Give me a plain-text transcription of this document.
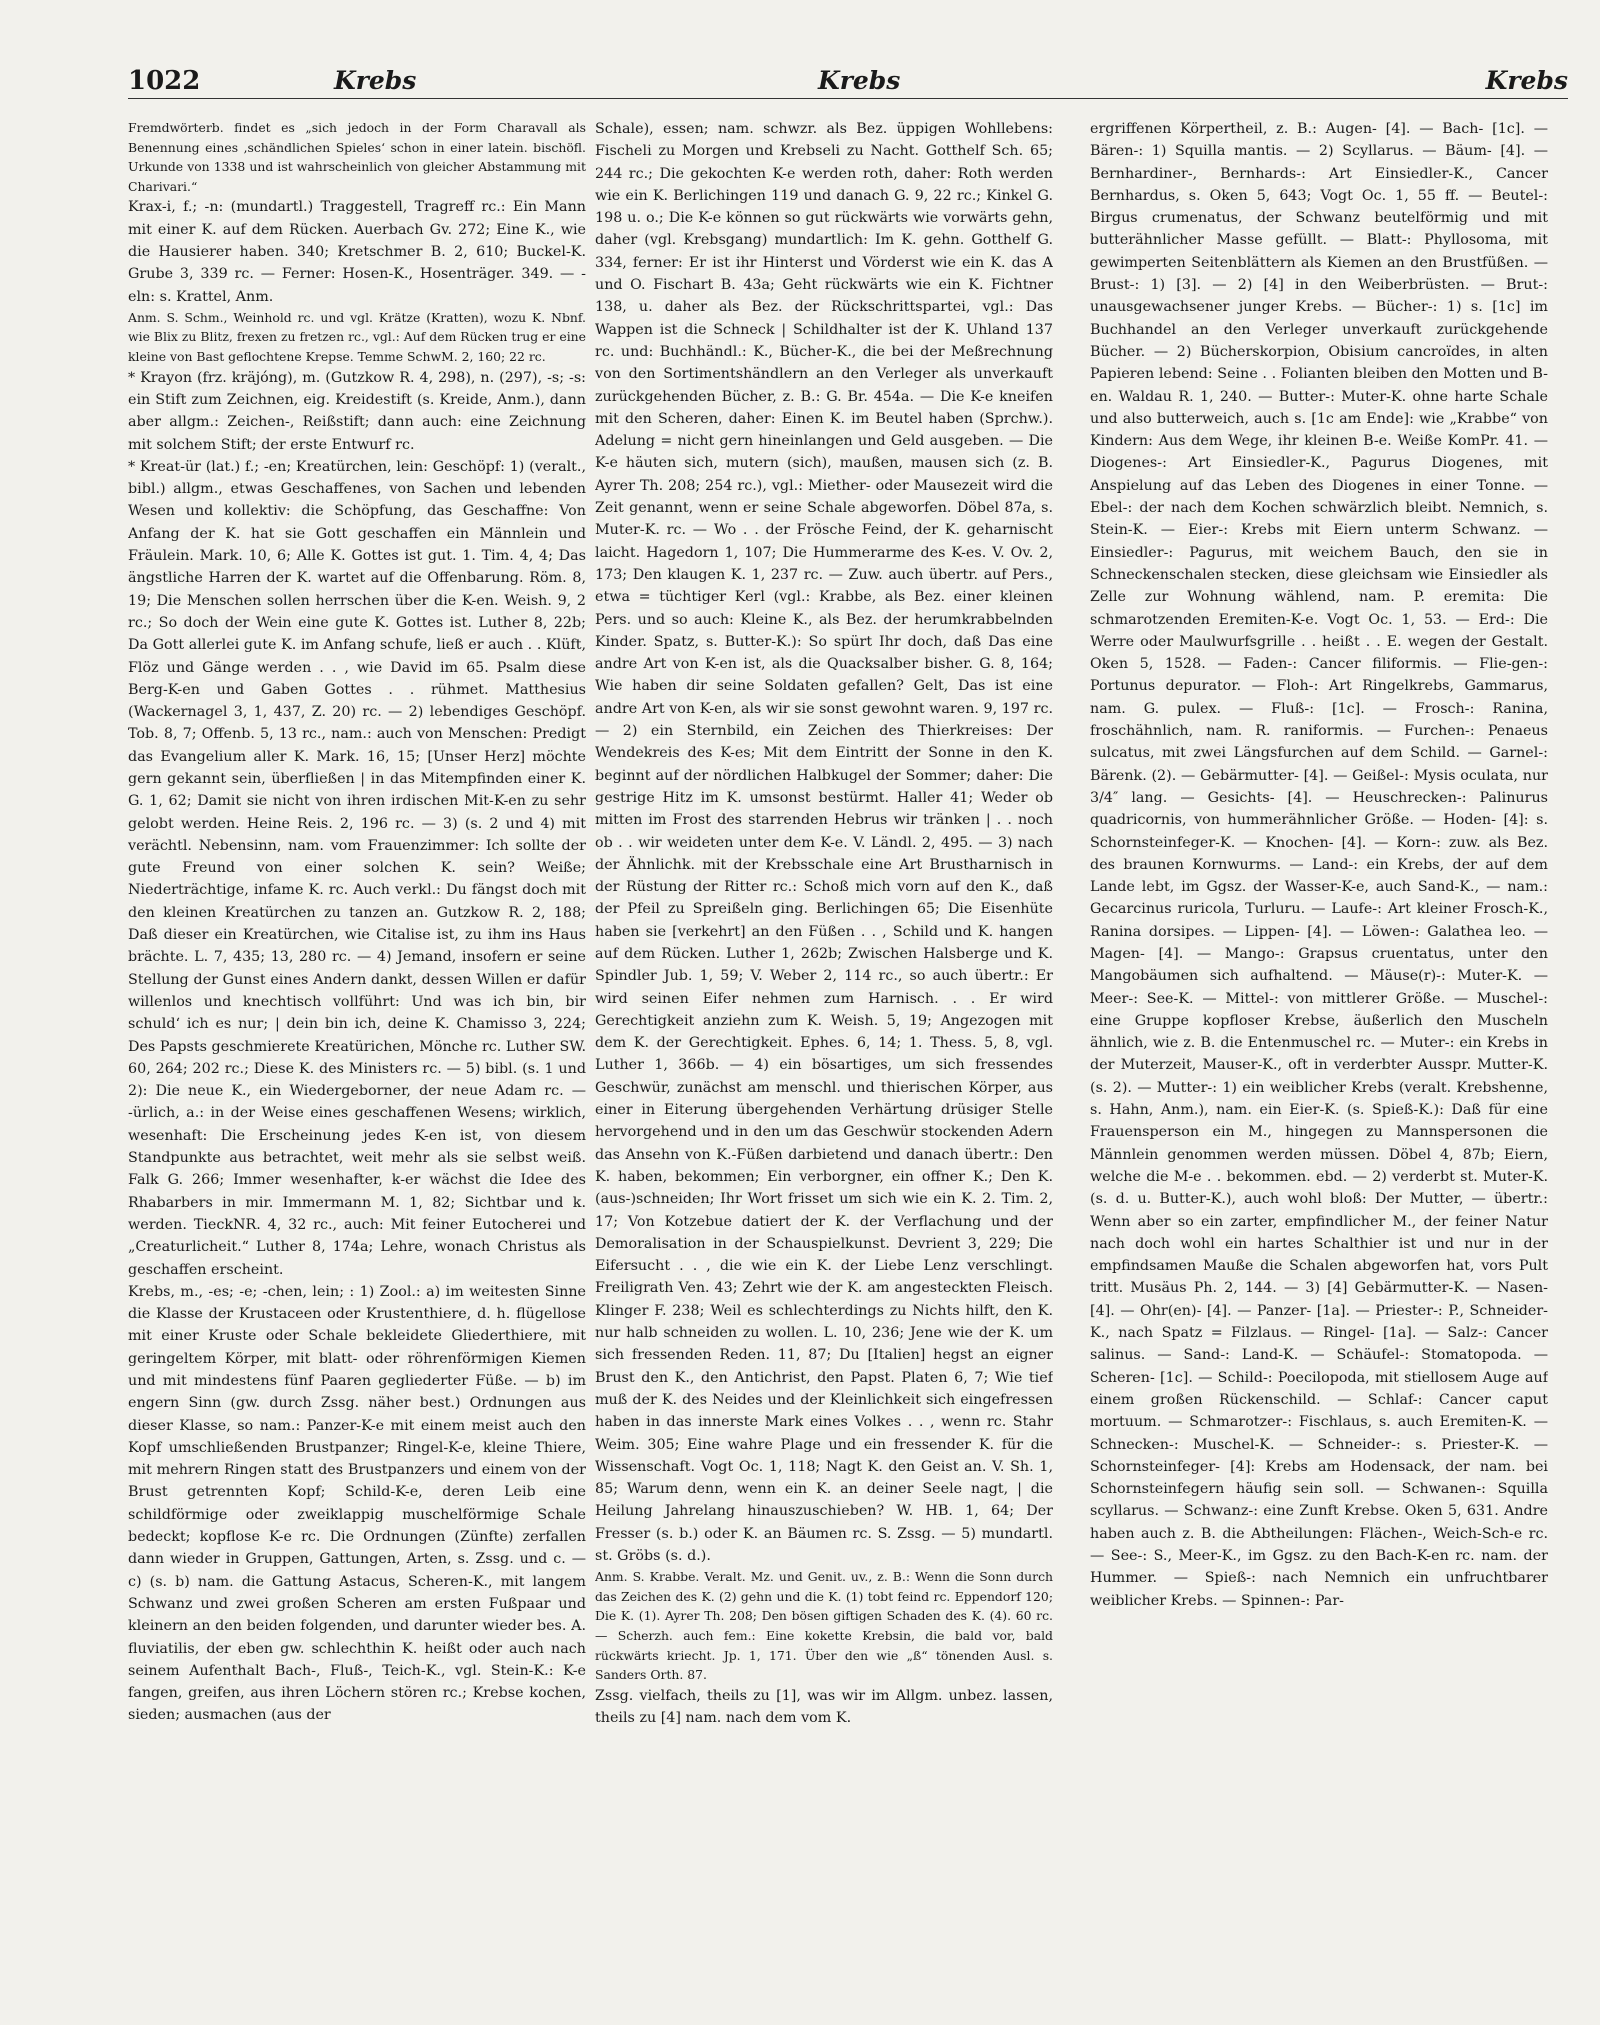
1022	Krebs	Krebs	Krebs

Fremdwörterb. findet es „sich jedoch in der Form Charavall als Benennung eines ‚schändlichen Spieles‘ schon in einer latein. bischöfl. Urkunde von 1338 und ist wahrscheinlich von gleicher Abstammung mit Charivari.“

Krax-i, f.; -n: (mundartl.) Traggestell, Tragreff rc.: Ein Mann mit einer K. auf dem Rücken. Auerbach Gv. 272; Eine K., wie die Hausierer haben. 340; Kretschmer B. 2, 610; Buckel-K. Grube 3, 339 rc. — Ferner: Hosen-K., Hosenträger. 349. — -eln: s. Krattel, Anm.

Anm. S. Schm., Weinhold rc. und vgl. Krätze (Kratten), wozu K. Nbnf. wie Blix zu Blitz, frexen zu fretzen rc., vgl.: Auf dem Rücken trug er eine kleine von Bast geflochtene Krepse. Temme SchwM. 2, 160; 22 rc.

* Krayon (frz. kräjóng), m. (Gutzkow R. 4, 298), n. (297), -s; -s: ein Stift zum Zeichnen, eig. Kreidestift (s. Kreide, Anm.), dann aber allgm.: Zeichen-, Reißstift; dann auch: eine Zeichnung mit solchem Stift; der erste Entwurf rc.

* Kreat-ür (lat.) f.; -en; Kreatürchen, lein: Geschöpf: 1) (veralt., bibl.) allgm., etwas Geschaffenes, von Sachen und lebenden Wesen und kollektiv: die Schöpfung, das Geschaffne: Von Anfang der K. hat sie Gott geschaffen ein Männlein und Fräulein. Mark. 10, 6; Alle K. Gottes ist gut. 1. Tim. 4, 4; Das ängstliche Harren der K. wartet auf die Offenbarung. Röm. 8, 19; Die Menschen sollen herrschen über die K-en. Weish. 9, 2 rc.; So doch der Wein eine gute K. Gottes ist. Luther 8, 22b; Da Gott allerlei gute K. im Anfang schufe, ließ er auch . . Klüft, Flöz und Gänge werden . . , wie David im 65. Psalm diese Berg-K-en und Gaben Gottes . . rühmet. Matthesius (Wackernagel 3, 1, 437, Z. 20) rc. — 2) lebendiges Geschöpf. Tob. 8, 7; Offenb. 5, 13 rc., nam.: auch von Menschen: Predigt das Evangelium aller K. Mark. 16, 15; [Unser Herz] möchte gern gekannt sein, überfließen | in das Mitempfinden einer K. G. 1, 62; Damit sie nicht von ihren irdischen Mit-K-en zu sehr gelobt werden. Heine Reis. 2, 196 rc. — 3) (s. 2 und 4) mit verächtl. Nebensinn, nam. vom Frauenzimmer: Ich sollte der gute Freund von einer solchen K. sein? Weiße; Niederträchtige, infame K. rc. Auch verkl.: Du fängst doch mit den kleinen Kreatürchen zu tanzen an. Gutzkow R. 2, 188; Daß dieser ein Kreatürchen, wie Citalise ist, zu ihm ins Haus brächte. L. 7, 435; 13, 280 rc. — 4) Jemand, insofern er seine Stellung der Gunst eines Andern dankt, dessen Willen er dafür willenlos und knechtisch vollführt: Und was ich bin, bir schuld‘ ich es nur; | dein bin ich, deine K. Chamisso 3, 224; Des Papsts geschmierete Kreatürichen, Mönche rc. Luther SW. 60, 264; 202 rc.; Diese K. des Ministers rc. — 5) bibl. (s. 1 und 2): Die neue K., ein Wiedergeborner, der neue Adam rc. — -ürlich, a.: in der Weise eines geschaffenen Wesens; wirklich, wesenhaft: Die Erscheinung jedes K-en ist, von diesem Standpunkte aus betrachtet, weit mehr als sie selbst weiß. Falk G. 266; Immer wesenhafter, k-er wächst die Idee des Rhabarbers in mir. Immermann M. 1, 82; Sichtbar und k. werden. TieckNR. 4, 32 rc., auch: Mit feiner Eutocherei und „Creaturlicheit.“ Luther 8, 174a; Lehre, wonach Christus als geschaffen erscheint.

Krebs, m., -es; -e; -chen, lein; : 1) Zool.: a) im weitesten Sinne die Klasse der Krustaceen oder Krustenthiere, d. h. flügellose mit einer Kruste oder Schale bekleidete Gliederthiere, mit geringeltem Körper, mit blatt- oder röhrenförmigen Kiemen und mit mindestens fünf Paaren gegliederter Füße. — b) im engern Sinn (gw. durch Zssg. näher best.) Ordnungen aus dieser Klasse, so nam.: Panzer-K-e mit einem meist auch den Kopf umschließenden Brustpanzer; Ringel-K-e, kleine Thiere, mit mehrern Ringen statt des Brustpanzers und einem von der Brust getrennten Kopf; Schild-K-e, deren Leib eine schildförmige oder zweiklappig muschelförmige Schale bedeckt; kopflose K-e rc. Die Ordnungen (Zünfte) zerfallen dann wieder in Gruppen, Gattungen, Arten, s. Zssg. und c. — c) (s. b) nam. die Gattung Astacus, Scheren-K., mit langem Schwanz und zwei großen Scheren am ersten Fußpaar und kleinern an den beiden folgenden, und darunter wieder bes. A. fluviatilis, der eben gw. schlechthin K. heißt oder auch nach seinem Aufenthalt Bach-, Fluß-, Teich-K., vgl. Stein-K.: K-e fangen, greifen, aus ihren Löchern stören rc.; Krebse kochen, sieden; ausmachen (aus der

Schale), essen; nam. schwzr. als Bez. üppigen Wohllebens: Fischeli zu Morgen und Krebseli zu Nacht. Gotthelf Sch. 65; 244 rc.; Die gekochten K-e werden roth, daher: Roth werden wie ein K. Berlichingen 119 und danach G. 9, 22 rc.; Kinkel G. 198 u. o.; Die K-e können so gut rückwärts wie vorwärts gehn, daher (vgl. Krebsgang) mundartlich: Im K. gehn. Gotthelf G. 334, ferner: Er ist ihr Hinterst und Vörderst wie ein K. das A und O. Fischart B. 43a; Geht rückwärts wie ein K. Fichtner 138, u. daher als Bez. der Rückschrittspartei, vgl.: Das Wappen ist die Schneck | Schildhalter ist der K. Uhland 137 rc. und: Buchhändl.: K., Bücher-K., die bei der Meßrechnung von den Sortimentshändlern an den Verleger als unverkauft zurückgehenden Bücher, z. B.: G. Br. 454a. — Die K-e kneifen mit den Scheren, daher: Einen K. im Beutel haben (Sprchw.). Adelung = nicht gern hineinlangen und Geld ausgeben. — Die K-e häuten sich, mutern (sich), maußen, mausen sich (z. B. Ayrer Th. 208; 254 rc.), vgl.: Miether- oder Mausezeit wird die Zeit genannt, wenn er seine Schale abgeworfen. Döbel 87a, s. Muter-K. rc. — Wo . . der Frösche Feind, der K. geharnischt laicht. Hagedorn 1, 107; Die Hummerarme des K-es. V. Ov. 2, 173; Den klaugen K. 1, 237 rc. — Zuw. auch übertr. auf Pers., etwa = tüchtiger Kerl (vgl.: Krabbe, als Bez. einer kleinen Pers. und so auch: Kleine K., als Bez. der herumkrabbelnden Kinder. Spatz, s. Butter-K.): So spürt Ihr doch, daß Das eine andre Art von K-en ist, als die Quacksalber bisher. G. 8, 164; Wie haben dir seine Soldaten gefallen? Gelt, Das ist eine andre Art von K-en, als wir sie sonst gewohnt waren. 9, 197 rc. — 2) ein Sternbild, ein Zeichen des Thierkreises: Der Wendekreis des K-es; Mit dem Eintritt der Sonne in den K. beginnt auf der nördlichen Halbkugel der Sommer; daher: Die gestrige Hitz im K. umsonst bestürmt. Haller 41; Weder ob mitten im Frost des starrenden Hebrus wir tränken | . . noch ob . . wir weideten unter dem K-e. V. Ländl. 2, 495. — 3) nach der Ähnlichk. mit der Krebsschale eine Art Brustharnisch in der Rüstung der Ritter rc.: Schoß mich vorn auf den K., daß der Pfeil zu Spreißeln ging. Berlichingen 65; Die Eisenhüte haben sie [verkehrt] an den Füßen . . , Schild und K. hangen auf dem Rücken. Luther 1, 262b; Zwischen Halsberge und K. Spindler Jub. 1, 59; V. Weber 2, 114 rc., so auch übertr.: Er wird seinen Eifer nehmen zum Harnisch. . . Er wird Gerechtigkeit anziehn zum K. Weish. 5, 19; Angezogen mit dem K. der Gerechtigkeit. Ephes. 6, 14; 1. Thess. 5, 8, vgl. Luther 1, 366b. — 4) ein bösartiges, um sich fressendes Geschwür, zunächst am menschl. und thierischen Körper, aus einer in Eiterung übergehenden Verhärtung drüsiger Stelle hervorgehend und in den um das Geschwür stockenden Adern das Ansehn von K.-Füßen darbietend und danach übertr.: Den K. haben, bekommen; Ein verborgner, ein offner K.; Den K. (aus-)schneiden; Ihr Wort frisset um sich wie ein K. 2. Tim. 2, 17; Von Kotzebue datiert der K. der Verflachung und der Demoralisation in der Schauspielkunst. Devrient 3, 229; Die Eifersucht . . , die wie ein K. der Liebe Lenz verschlingt. Freiligrath Ven. 43; Zehrt wie der K. am angesteckten Fleisch. Klinger F. 238; Weil es schlechterdings zu Nichts hilft, den K. nur halb schneiden zu wollen. L. 10, 236; Jene wie der K. um sich fressenden Reden. 11, 87; Du [Italien] hegst an eigner Brust den K., den Antichrist, den Papst. Platen 6, 7; Wie tief muß der K. des Neides und der Kleinlichkeit sich eingefressen haben in das innerste Mark eines Volkes . . , wenn rc. Stahr Weim. 305; Eine wahre Plage und ein fressender K. für die Wissenschaft. Vogt Oc. 1, 118; Nagt K. den Geist an. V. Sh. 1, 85; Warum denn, wenn ein K. an deiner Seele nagt, | die Heilung Jahrelang hinauszuschieben? W. HB. 1, 64; Der Fresser (s. b.) oder K. an Bäumen rc. S. Zssg. — 5) mundartl. st. Gröbs (s. d.).

Anm. S. Krabbe. Veralt. Mz. und Genit. uv., z. B.: Wenn die Sonn durch das Zeichen des K. (2) gehn und die K. (1) tobt feind rc. Eppendorf 120; Die K. (1). Ayrer Th. 208; Den bösen giftigen Schaden des K. (4). 60 rc. — Scherzh. auch fem.: Eine kokette Krebsin, die bald vor, bald rückwärts kriecht. Jp. 1, 171. Über den wie „ß“ tönenden Ausl. s. Sanders Orth. 87.

Zssg. vielfach, theils zu [1], was wir im Allgm. unbez. lassen, theils zu [4] nam. nach dem vom K.

ergriffenen Körpertheil, z. B.: Augen- [4]. — Bach- [1c]. — Bären-: 1) Squilla mantis. — 2) Scyllarus. — Bäum- [4]. — Bernhardiner-, Bernhards-: Art Einsiedler-K., Cancer Bernhardus, s. Oken 5, 643; Vogt Oc. 1, 55 ff. — Beutel-: Birgus crumenatus, der Schwanz beutelförmig und mit butterähnlicher Masse gefüllt. — Blatt-: Phyllosoma, mit gewimperten Seitenblättern als Kiemen an den Brustfüßen. — Brust-: 1) [3]. — 2) [4] in den Weiberbrüsten. — Brut-: unausgewachsener junger Krebs. — Bücher-: 1) s. [1c] im Buchhandel an den Verleger unverkauft zurückgehende Bücher. — 2) Bücherskorpion, Obisium cancroïdes, in alten Papieren lebend: Seine . . Folianten bleiben den Motten und B-en. Waldau R. 1, 240. — Butter-: Muter-K. ohne harte Schale und also butterweich, auch s. [1c am Ende]: wie „Krabbe“ von Kindern: Aus dem Wege, ihr kleinen B-e. Weiße KomPr. 41. — Diogenes-: Art Einsiedler-K., Pagurus Diogenes, mit Anspielung auf das Leben des Diogenes in einer Tonne. — Ebel-: der nach dem Kochen schwärzlich bleibt. Nemnich, s. Stein-K. — Eier-: Krebs mit Eiern unterm Schwanz. — Einsiedler-: Pagurus, mit weichem Bauch, den sie in Schneckenschalen stecken, diese gleichsam wie Einsiedler als Zelle zur Wohnung wählend, nam. P. eremita: Die schmarotzenden Eremiten-K-e. Vogt Oc. 1, 53. — Erd-: Die Werre oder Maulwurfsgrille . . heißt . . E. wegen der Gestalt. Oken 5, 1528. — Faden-: Cancer filiformis. — Flie-gen-: Portunus depurator. — Floh-: Art Ringelkrebs, Gammarus, nam. G. pulex. — Fluß-: [1c]. — Frosch-: Ranina, froschähnlich, nam. R. raniformis. — Furchen-: Penaeus sulcatus, mit zwei Längsfurchen auf dem Schild. — Garnel-: Bärenk. (2). — Gebärmutter- [4]. — Geißel-: Mysis oculata, nur 3/4″ lang. — Gesichts- [4]. — Heuschrecken-: Palinurus quadricornis, von hummerähnlicher Größe. — Hoden- [4]: s. Schornsteinfeger-K. — Knochen- [4]. — Korn-: zuw. als Bez. des braunen Kornwurms. — Land-: ein Krebs, der auf dem Lande lebt, im Ggsz. der Wasser-K-e, auch Sand-K., — nam.: Gecarcinus ruricola, Turluru. — Laufe-: Art kleiner Frosch-K., Ranina dorsipes. — Lippen- [4]. — Löwen-: Galathea leo. — Magen- [4]. — Mango-: Grapsus cruentatus, unter den Mangobäumen sich aufhaltend. — Mäuse(r)-: Muter-K. — Meer-: See-K. — Mittel-: von mittlerer Größe. — Muschel-: eine Gruppe kopfloser Krebse, äußerlich den Muscheln ähnlich, wie z. B. die Entenmuschel rc. — Muter-: ein Krebs in der Muterzeit, Mauser-K., oft in verderbter Ausspr. Mutter-K. (s. 2). — Mutter-: 1) ein weiblicher Krebs (veralt. Krebshenne, s. Hahn, Anm.), nam. ein Eier-K. (s. Spieß-K.): Daß für eine Frauensperson ein M., hingegen zu Mannspersonen die Männlein genommen werden müssen. Döbel 4, 87b; Eiern, welche die M-e . . bekommen. ebd. — 2) verderbt st. Muter-K. (s. d. u. Butter-K.), auch wohl bloß: Der Mutter, — übertr.: Wenn aber so ein zarter, empfindlicher M., der feiner Natur nach doch wohl ein hartes Schalthier ist und nur in der empfindsamen Mauße die Schalen abgeworfen hat, vors Pult tritt. Musäus Ph. 2, 144. — 3) [4] Gebärmutter-K. — Nasen- [4]. — Ohr(en)- [4]. — Panzer- [1a]. — Priester-: P., Schneider-K., nach Spatz = Filzlaus. — Ringel- [1a]. — Salz-: Cancer salinus. — Sand-: Land-K. — Schäufel-: Stomatopoda. — Scheren- [1c]. — Schild-: Poecilopoda, mit stiellosem Auge auf einem großen Rückenschild. — Schlaf-: Cancer caput mortuum. — Schmarotzer-: Fischlaus, s. auch Eremiten-K. — Schnecken-: Muschel-K. — Schneider-: s. Priester-K. — Schornsteinfeger- [4]: Krebs am Hodensack, der nam. bei Schornsteinfegern häufig sein soll. — Schwanen-: Squilla scyllarus. — Schwanz-: eine Zunft Krebse. Oken 5, 631. Andre haben auch z. B. die Abtheilungen: Flächen-, Weich-Sch-e rc. — See-: S., Meer-K., im Ggsz. zu den Bach-K-en rc. nam. der Hummer. — Spieß-: nach Nemnich ein unfruchtbarer weiblicher Krebs. — Spinnen-: Par-
